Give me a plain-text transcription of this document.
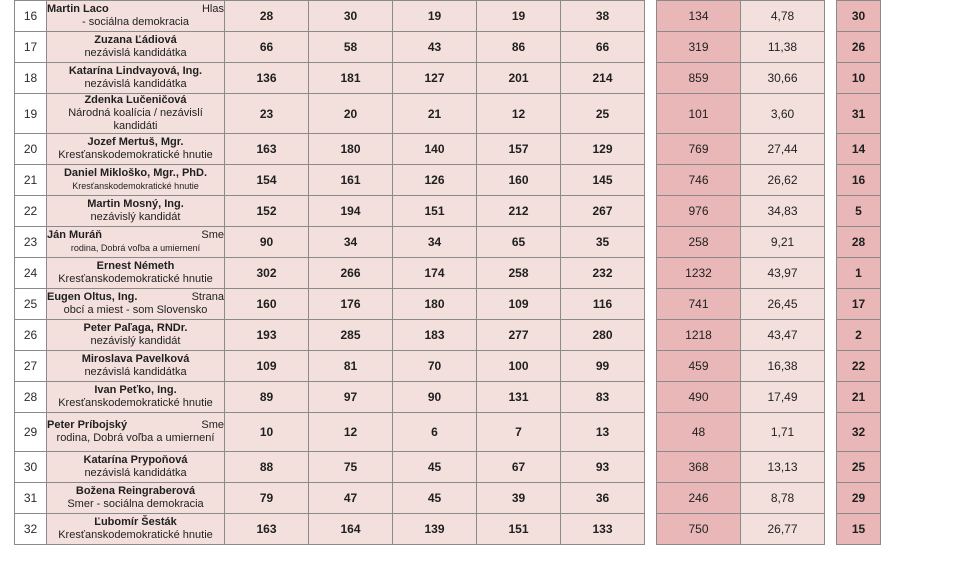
16	Hlas
Martin Laco
- sociálna demokracia	28	30	19	19	38		134	4,78		30
17	Zuzana Ľádiová
nezávislá kandidátka	66	58	43	86	66		319	11,38		26
18	Katarína Lindvayová, Ing.
nezávislá kandidátka	136	181	127	201	214		859	30,66		10
19	Zdenka Lučeničová
Národná koalícia / nezávislí kandidáti	23	20	21	12	25		101	3,60		31
20	Jozef Mertuš, Mgr.
Kresťanskodemokratické hnutie	163	180	140	157	129		769	27,44		14
21	Daniel Mikloško, Mgr., PhD.
Kresťanskodemokratické hnutie	154	161	126	160	145		746	26,62		16
22	Martin Mosný, Ing.
nezávislý kandidát	152	194	151	212	267		976	34,83		5
23	Sme
Ján Muráň
rodina, Dobrá voľba a umiernení	90	34	34	65	35		258	9,21		28
24	Ernest Németh
Kresťanskodemokratické hnutie	302	266	174	258	232		1232	43,97		1
25	Strana
Eugen Oltus, Ing.
obcí a miest - som Slovensko	160	176	180	109	116		741	26,45		17
26	Peter Paľaga, RNDr.
nezávislý kandidát	193	285	183	277	280		1218	43,47		2
27	Miroslava Pavelková
nezávislá kandidátka	109	81	70	100	99		459	16,38		22
28	Ivan Peťko, Ing.
Kresťanskodemokratické hnutie	89	97	90	131	83		490	17,49		21
29	Sme
Peter Príbojský
rodina, Dobrá voľba a umiernení	10	12	6	7	13		48	1,71		32
30	Katarína Prypoňová
nezávislá kandidátka	88	75	45	67	93		368	13,13		25
31	Božena Reingraberová
Smer - sociálna demokracia	79	47	45	39	36		246	8,78		29
32	Ľubomír Šesták
Kresťanskodemokratické hnutie	163	164	139	151	133		750	26,77		15
